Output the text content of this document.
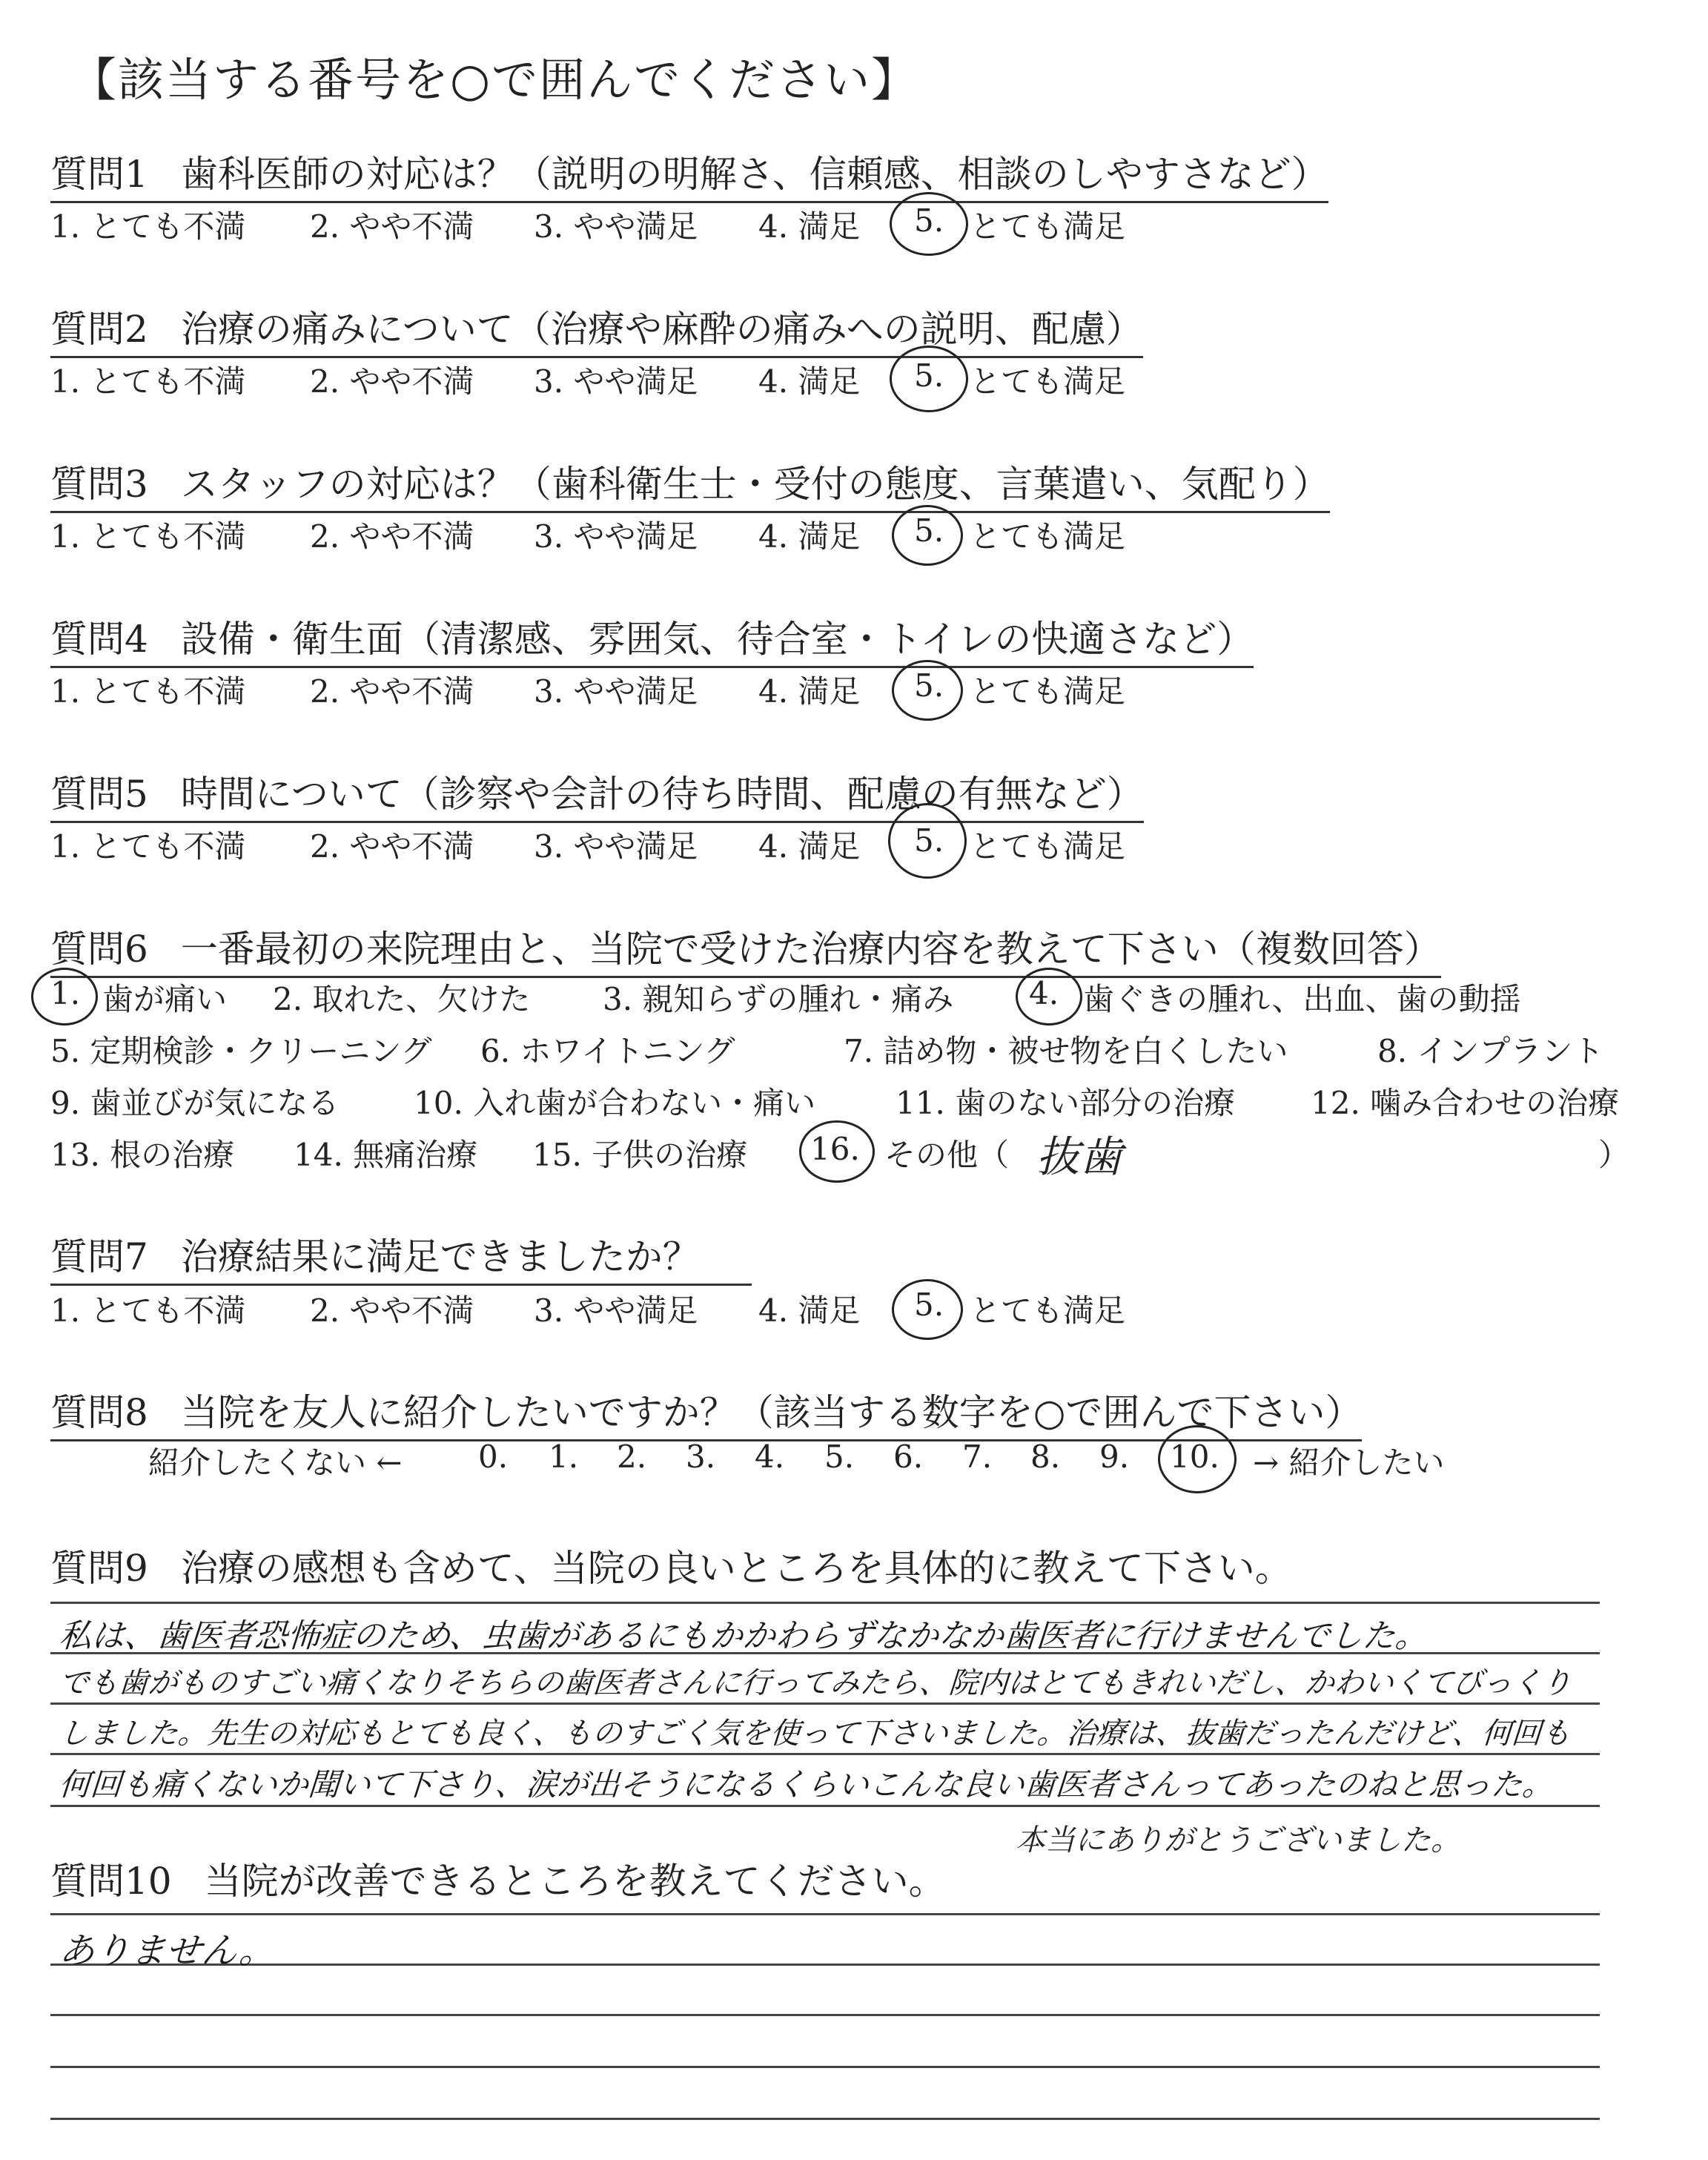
【該当する番号を○で囲んでください】
質問1 歯科医師の対応は？（説明の明解さ、信頼感、相談のしやすさなど）
1. とても不満 2. やや不満 3. やや満足 4. 満足 5. とても満足
質問2 治療の痛みについて（治療や麻酔の痛みへの説明、配慮）
1. とても不満 2. やや不満 3. やや満足 4. 満足 5. とても満足
質問3 スタッフの対応は？（歯科衛生士・受付の態度、言葉遣い、気配り）
1. とても不満 2. やや不満 3. やや満足 4. 満足 5. とても満足
質問4 設備・衛生面（清潔感、雰囲気、待合室・トイレの快適さなど）
1. とても不満 2. やや不満 3. やや満足 4. 満足 5. とても満足
質問5 時間について（診察や会計の待ち時間、配慮の有無など）
1. とても不満 2. やや不満 3. やや満足 4. 満足 5. とても満足
質問6 一番最初の来院理由と、当院で受けた治療内容を教えて下さい（複数回答）
1. 歯が痛い 2. 取れた、欠けた 3. 親知らずの腫れ・痛み 4. 歯ぐきの腫れ、出血、歯の動揺
5. 定期検診・クリーニング 6. ホワイトニング	7. 詰め物・被せ物を白くしたい	8. インプラント
9. 歯並びが気になる 10. 入れ歯が合わない・痛い	11. 歯のない部分の治療 12. 噛み合わせの治療
13. 根の治療 14. 無痛治療 15. 子供の治療 16. その他（ 抜歯	）
質問7 治療結果に満足できましたか？
1. とても不満 2. やや不満 3. やや満足 4. 満足 5. とても満足
質問8 当院を友人に紹介したいですか？（該当する数字を○で囲んで下さい）
紹介したくない ← 0. 1. 2. 3. 4. 5. 6. 7. 8. 9. 10. → 紹介したい
質問9 治療の感想も含めて、当院の良いところを具体的に教えて下さい。
私は、歯医者恐怖症のため、虫歯があるにもかかわらずなかなか歯医者に行けませんでした。
でも歯がものすごい痛くなりそちらの歯医者さんに行ってみたら、院内はとてもきれいだし、かわいくてびっくり
しました。先生の対応もとても良く、ものすごく気を使って下さいました。治療は、抜歯だったんだけど、何回も
何回も痛くないか聞いて下さり、涙が出そうになるくらいこんな良い歯医者さんってあったのねと思った。
本当にありがとうございました。
質問10 当院が改善できるところを教えてください。
ありません。
